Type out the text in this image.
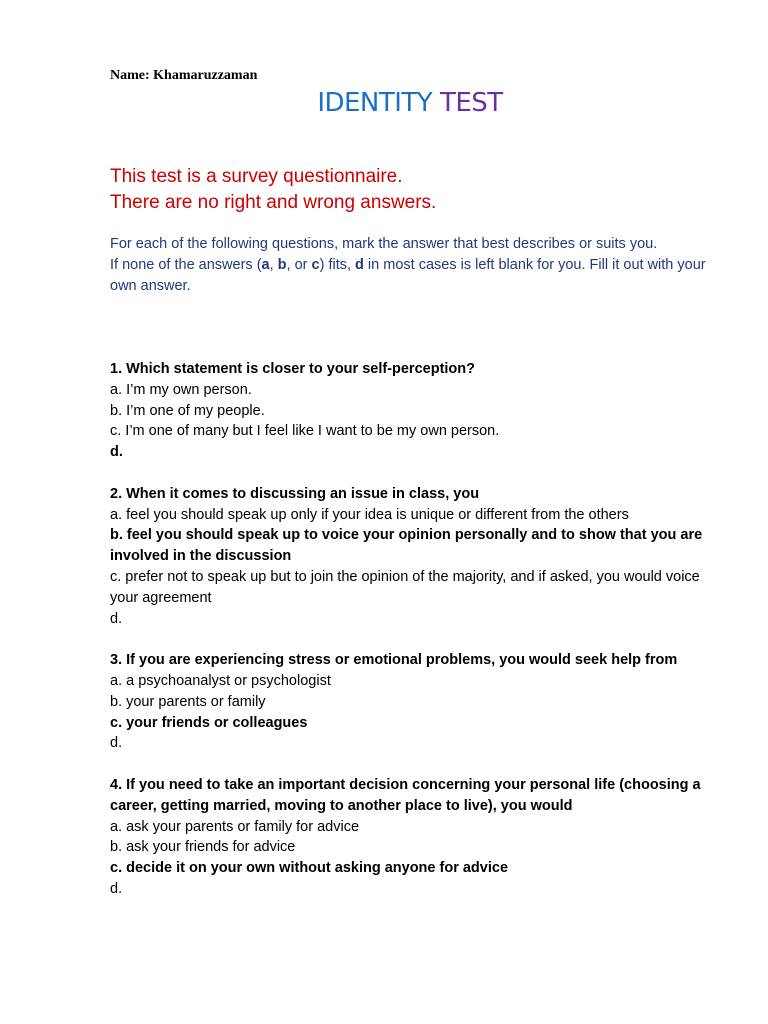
Name: Khamaruzzaman
IDENTITY TEST
This test is a survey questionnaire.
There are no right and wrong answers.
For each of the following questions, mark the answer that best describes or suits you.
If none of the answers (a, b, or c) fits, d in most cases is left blank for you. Fill it out with your own answer.
1. Which statement is closer to your self-perception?
a. I’m my own person.
b. I’m one of my people.
c. I’m one of many but I feel like I want to be my own person.
d.
2. When it comes to discussing an issue in class, you
a. feel you should speak up only if your idea is unique or different from the others
b. feel you should speak up to voice your opinion personally and to show that you are involved in the discussion
c. prefer not to speak up but to join the opinion of the majority, and if asked, you would voice your agreement
d.
3. If you are experiencing stress or emotional problems, you would seek help from
a. a psychoanalyst or psychologist
b. your parents or family
c. your friends or colleagues
d.
4. If you need to take an important decision concerning your personal life (choosing a career, getting married, moving to another place to live), you would
a. ask your parents or family for advice
b. ask your friends for advice
c. decide it on your own without asking anyone for advice
d.
